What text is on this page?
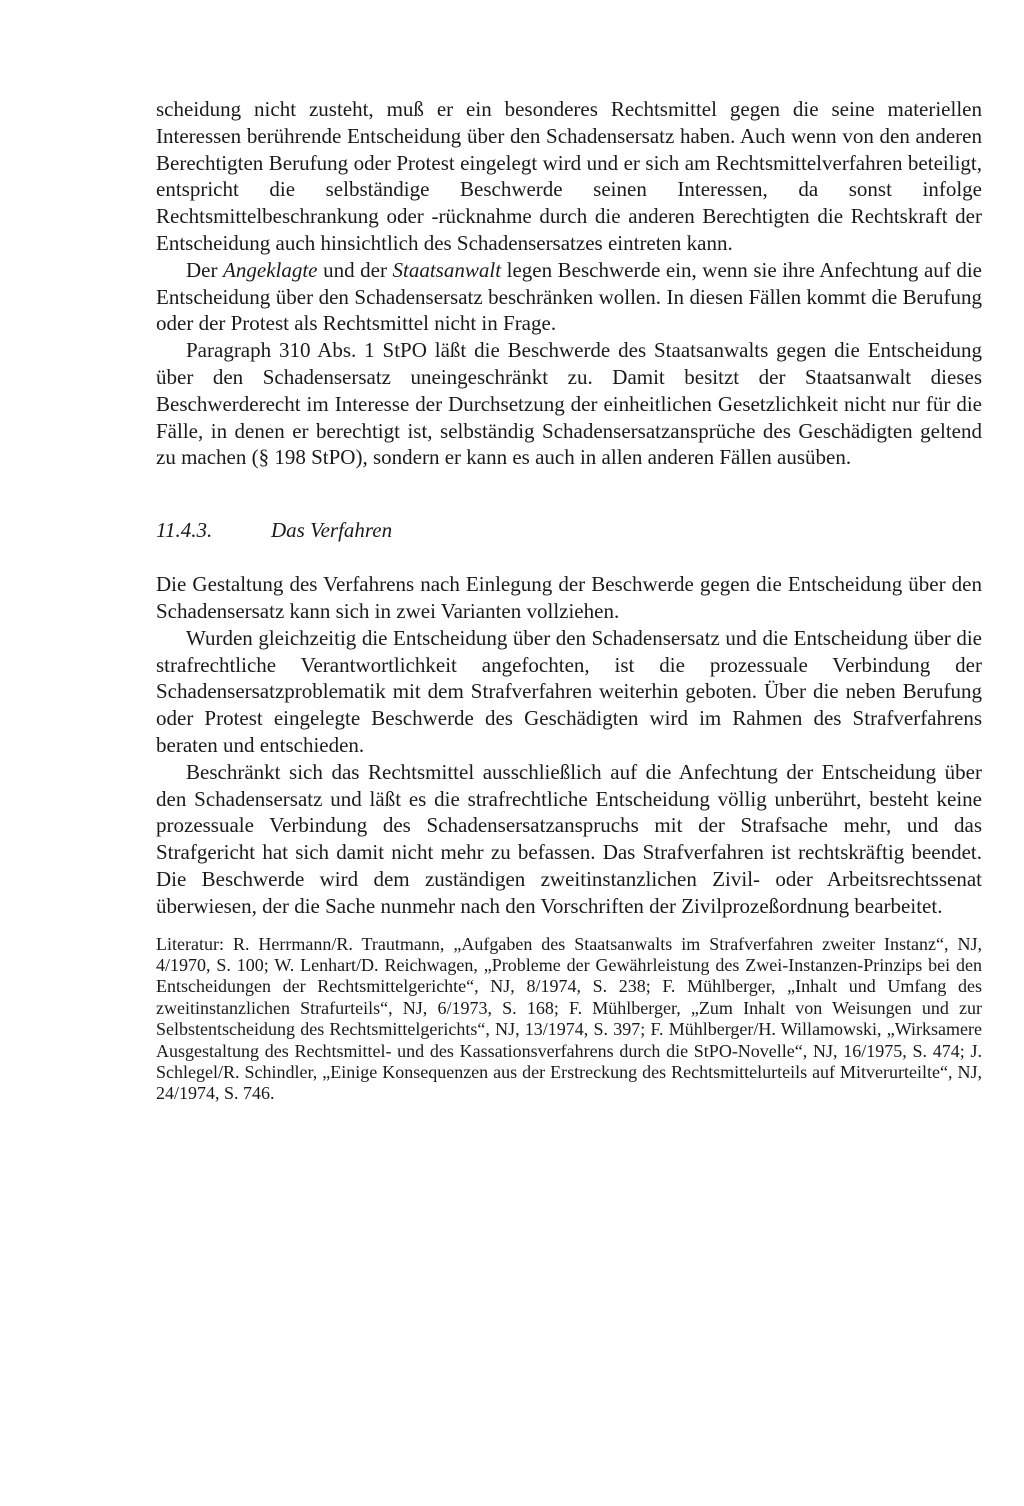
scheidung nicht zusteht, muß er ein besonderes Rechtsmittel gegen die seine materiellen Interessen berührende Entscheidung über den Schadensersatz haben. Auch wenn von den anderen Berechtigten Berufung oder Protest eingelegt wird und er sich am Rechtsmittelverfahren beteiligt, entspricht die selbständige Beschwerde seinen Interessen, da sonst infolge Rechtsmittelbeschrankung oder -rücknahme durch die anderen Berechtigten die Rechtskraft der Entscheidung auch hinsichtlich des Schadensersatzes eintreten kann.

Der Angeklagte und der Staatsanwalt legen Beschwerde ein, wenn sie ihre Anfechtung auf die Entscheidung über den Schadensersatz beschränken wollen. In diesen Fällen kommt die Berufung oder der Protest als Rechtsmittel nicht in Frage.

Paragraph 310 Abs. 1 StPO läßt die Beschwerde des Staatsanwalts gegen die Entscheidung über den Schadensersatz uneingeschränkt zu. Damit besitzt der Staatsanwalt dieses Beschwerderecht im Interesse der Durchsetzung der einheitlichen Gesetzlichkeit nicht nur für die Fälle, in denen er berechtigt ist, selbständig Schadensersatzansprüche des Geschädigten geltend zu machen (§ 198 StPO), sondern er kann es auch in allen anderen Fällen ausüben.

11.4.3.	Das Verfahren

Die Gestaltung des Verfahrens nach Einlegung der Beschwerde gegen die Entscheidung über den Schadensersatz kann sich in zwei Varianten vollziehen.

Wurden gleichzeitig die Entscheidung über den Schadensersatz und die Entscheidung über die strafrechtliche Verantwortlichkeit angefochten, ist die prozessuale Verbindung der Schadensersatzproblematik mit dem Strafverfahren weiterhin geboten. Über die neben Berufung oder Protest eingelegte Beschwerde des Geschädigten wird im Rahmen des Strafverfahrens beraten und entschieden.

Beschränkt sich das Rechtsmittel ausschließlich auf die Anfechtung der Entscheidung über den Schadensersatz und läßt es die strafrechtliche Entscheidung völlig unberührt, besteht keine prozessuale Verbindung des Schadensersatzanspruchs mit der Strafsache mehr, und das Strafgericht hat sich damit nicht mehr zu befassen. Das Strafverfahren ist rechtskräftig beendet. Die Beschwerde wird dem zuständigen zweitinstanzlichen Zivil- oder Arbeitsrechtssenat überwiesen, der die Sache nunmehr nach den Vorschriften der Zivilprozeßordnung bearbeitet.

Literatur: R. Herrmann/R. Trautmann, „Aufgaben des Staatsanwalts im Strafverfahren zweiter Instanz“, NJ, 4/1970, S. 100; W. Lenhart/D. Reichwagen, „Probleme der Gewährleistung des Zwei-Instanzen-Prinzips bei den Entscheidungen der Rechtsmittelgerichte“, NJ, 8/1974, S. 238; F. Mühlberger, „Inhalt und Umfang des zweitinstanzlichen Strafurteils“, NJ, 6/1973, S. 168; F. Mühlberger, „Zum Inhalt von Weisungen und zur Selbstentscheidung des Rechtsmittelgerichts“, NJ, 13/1974, S. 397; F. Mühlberger/H. Willamowski, „Wirksamere Ausgestaltung des Rechtsmittel- und des Kassationsverfahrens durch die StPO-Novelle“, NJ, 16/1975, S. 474; J. Schlegel/R. Schindler, „Einige Konsequenzen aus der Erstreckung des Rechtsmittelurteils auf Mitverurteilte“, NJ, 24/1974, S. 746.
